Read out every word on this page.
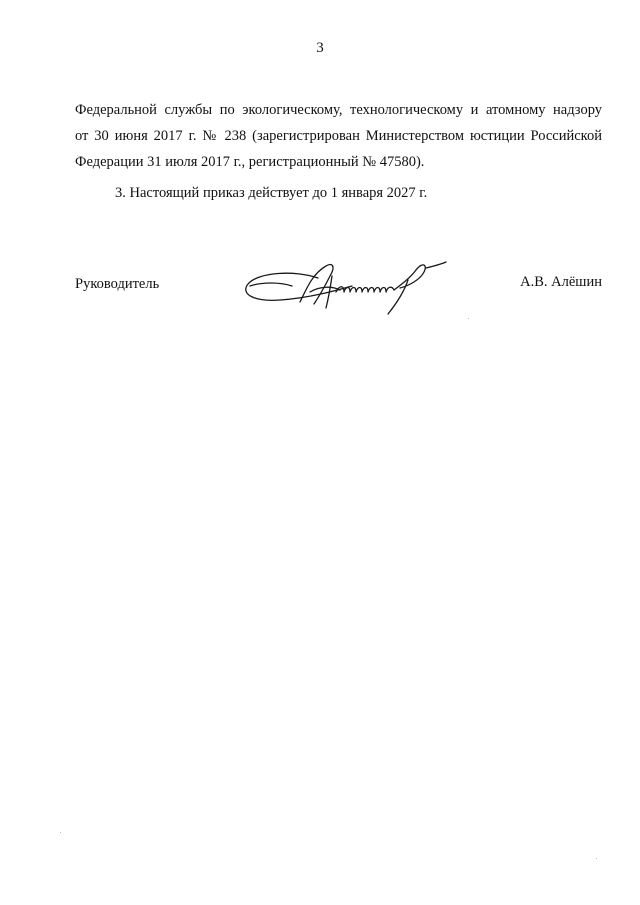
3

Федеральной службы по экологическому, технологическому и атомному надзору
от 30 июня 2017 г. № 238 (зарегистрирован Министерством юстиции Российской
Федерации 31 июля 2017 г., регистрационный № 47580).

3. Настоящий приказ действует до 1 января 2027 г.

Руководитель	А.В. Алёшин
